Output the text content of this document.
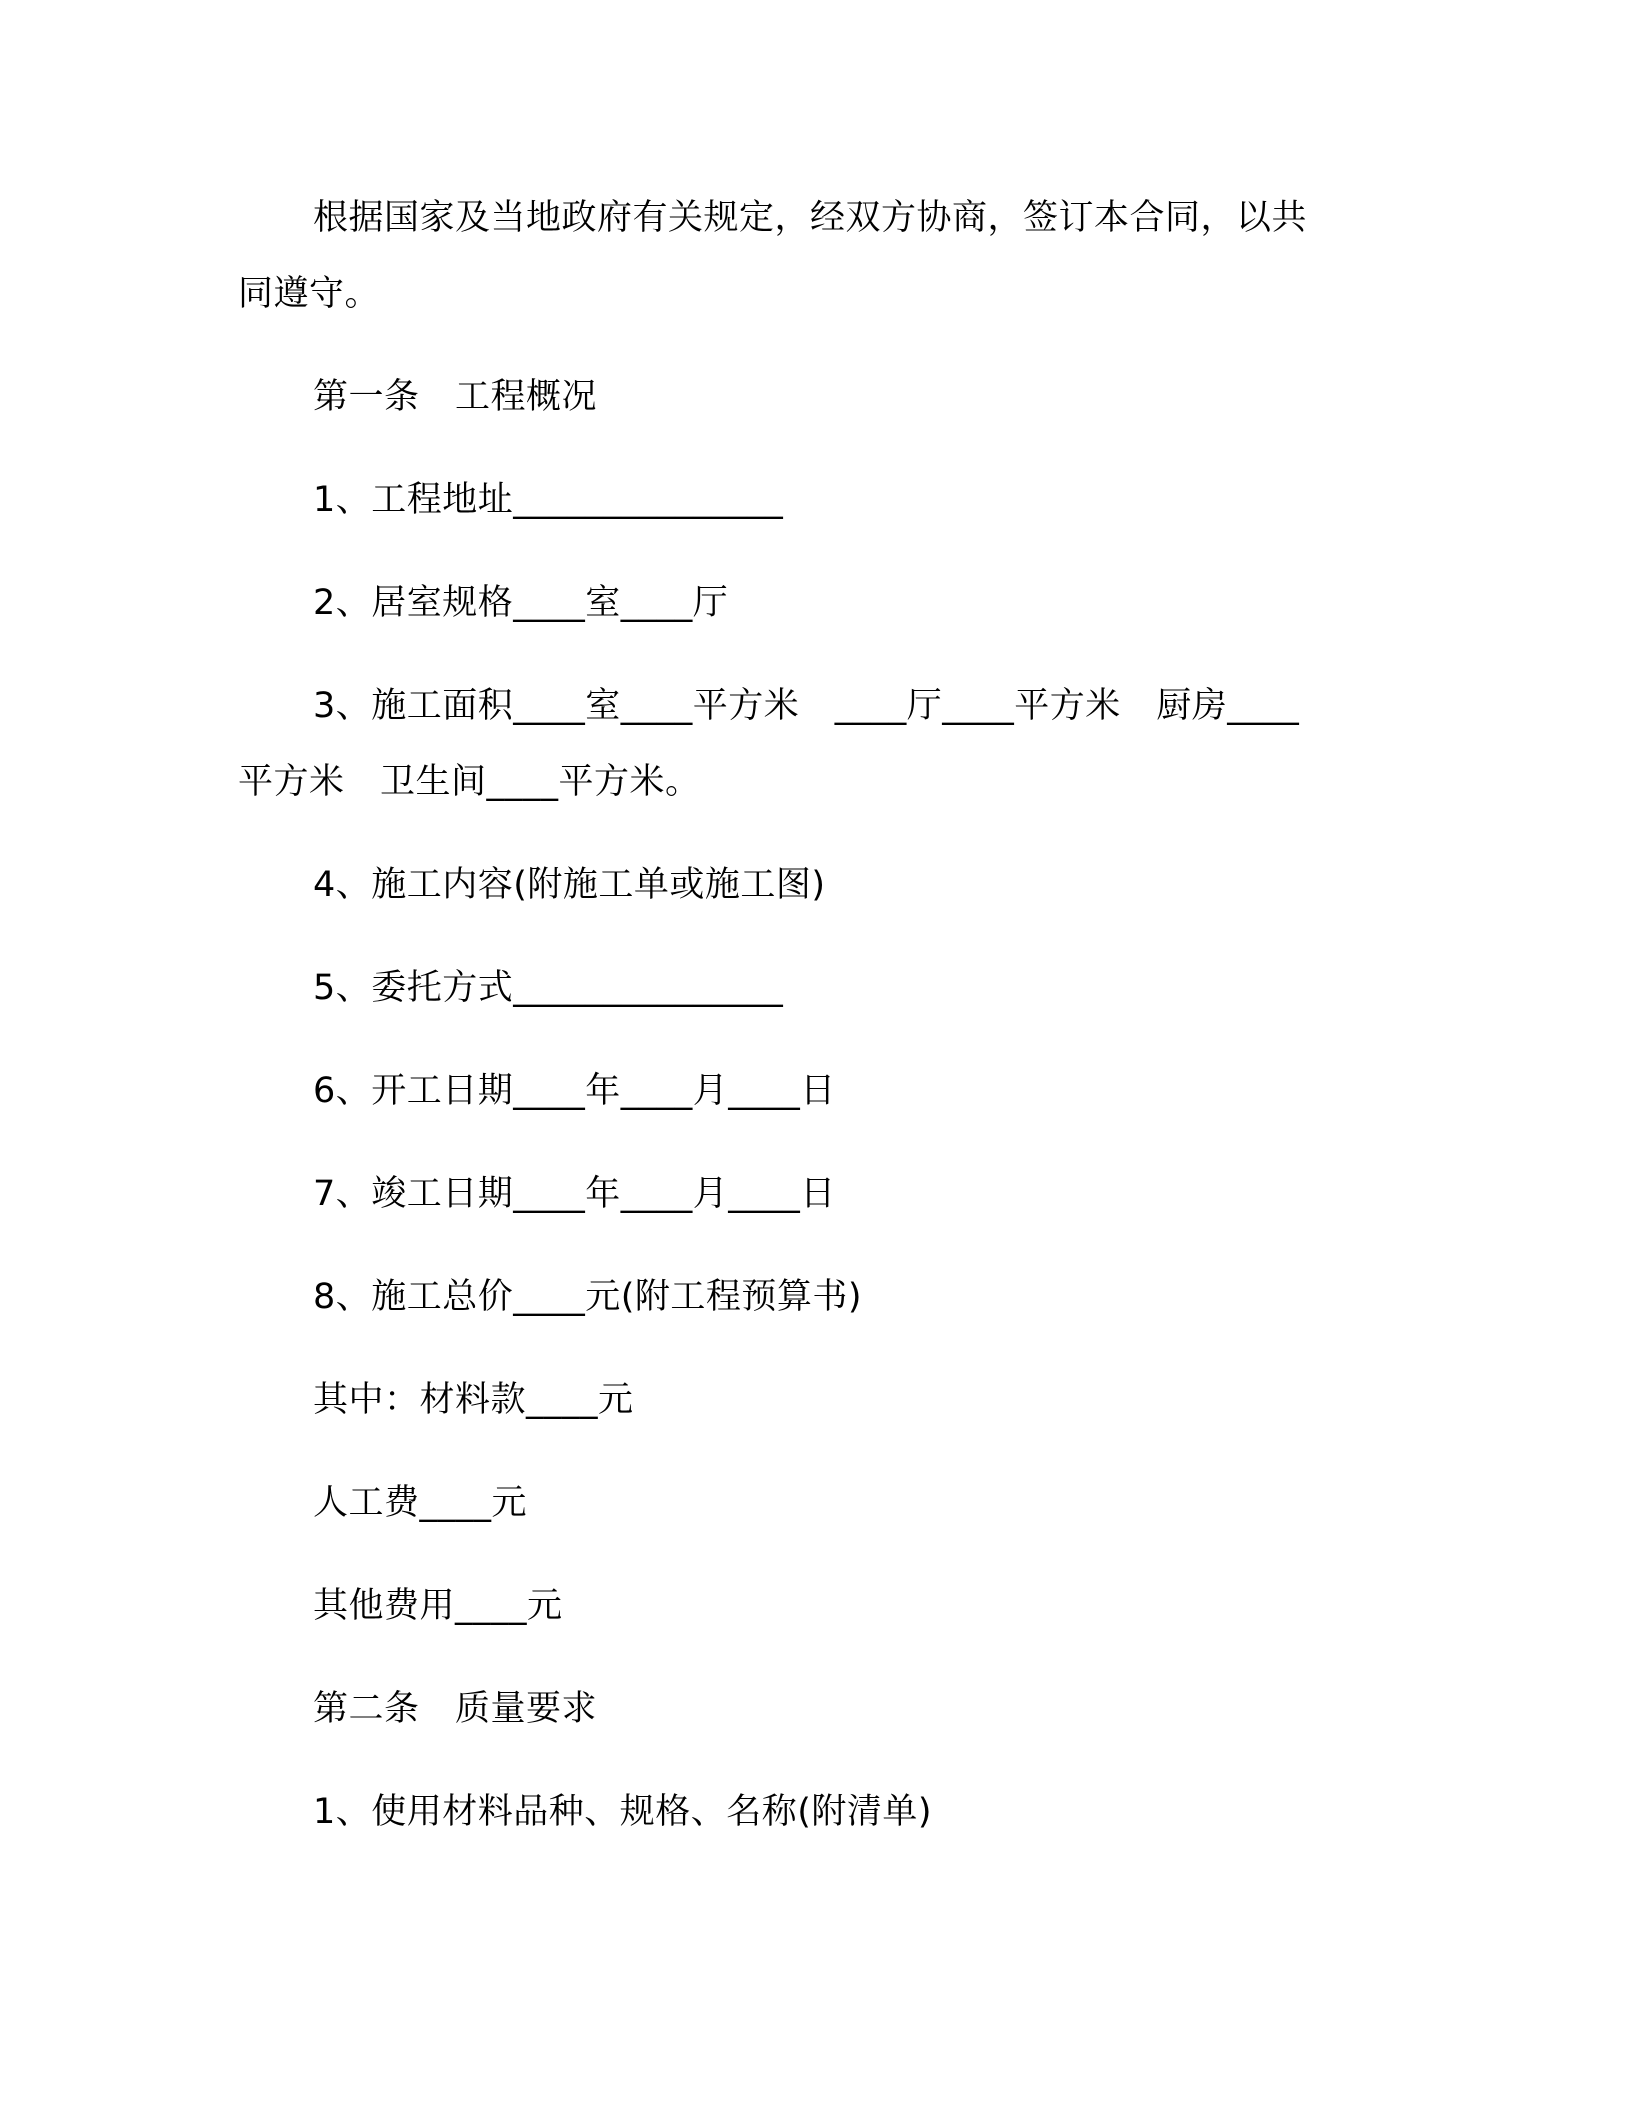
根据国家及当地政府有关规定，经双方协商，签订本合同，以共
同遵守。
第一条　工程概况
1、工程地址_______________
2、居室规格____室____厅
3、施工面积____室____平方米　____厅____平方米　厨房____
平方米　卫生间____平方米。
4、施工内容(附施工单或施工图)
5、委托方式_______________
6、开工日期____年____月____日
7、竣工日期____年____月____日
8、施工总价____元(附工程预算书)
其中：材料款____元
人工费____元
其他费用____元
第二条　质量要求
1、使用材料品种、规格、名称(附清单)
